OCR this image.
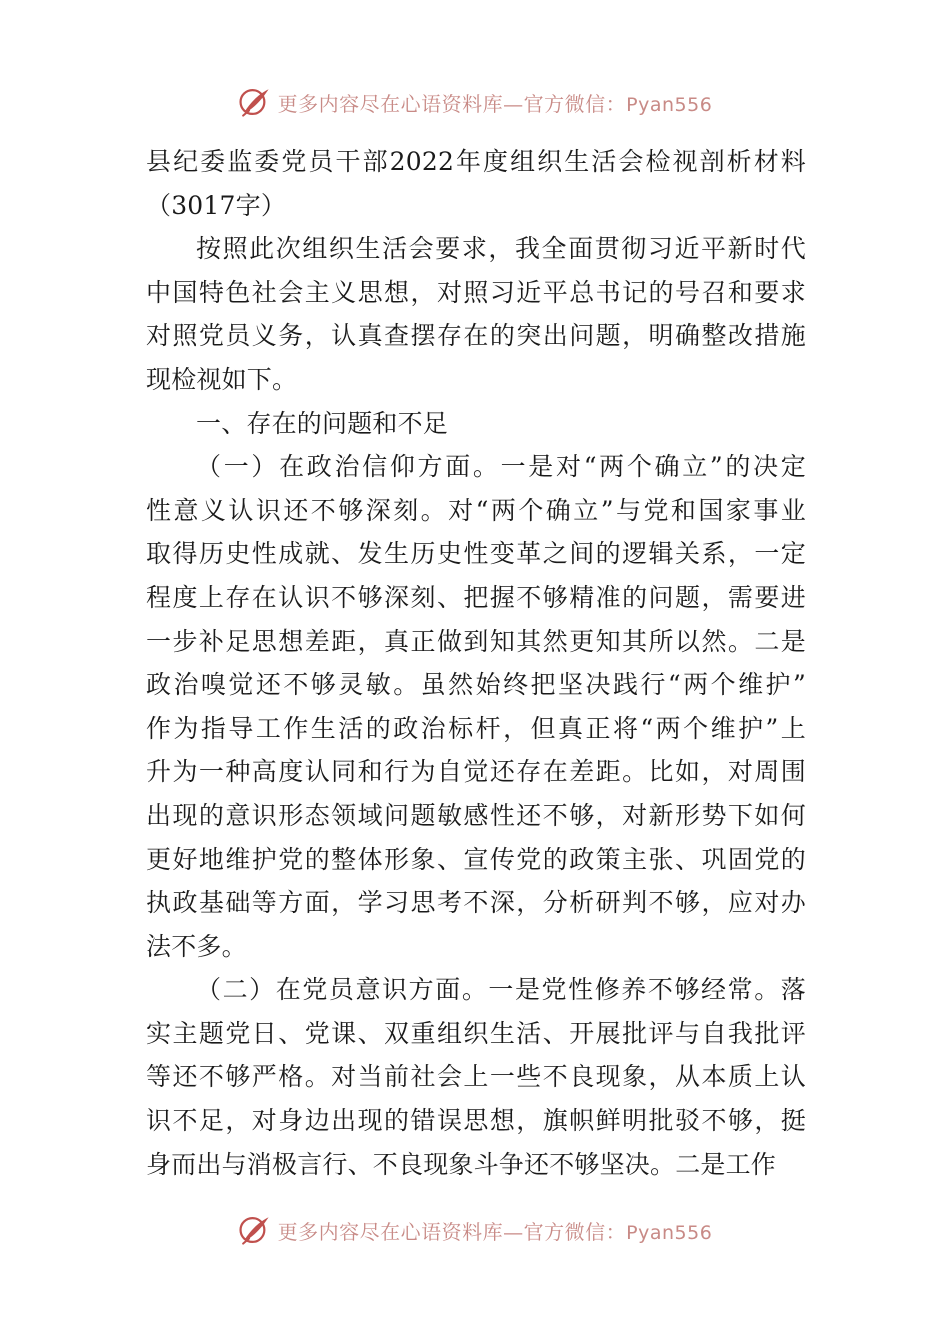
更多内容尽在心语资料库—官方微信：Pyan556
县纪委监委党员干部2022年度组织生活会检视剖析材料
（3017字）
按照此次组织生活会要求，我全面贯彻习近平新时代
中国特色社会主义思想，对照习近平总书记的号召和要求
对照党员义务，认真查摆存在的突出问题，明确整改措施
现检视如下。
一、存在的问题和不足
（一）在政治信仰方面。一是对“两个确立”的决定
性意义认识还不够深刻。对“两个确立”与党和国家事业
取得历史性成就、发生历史性变革之间的逻辑关系，一定
程度上存在认识不够深刻、把握不够精准的问题，需要进
一步补足思想差距，真正做到知其然更知其所以然。二是
政治嗅觉还不够灵敏。虽然始终把坚决践行“两个维护”
作为指导工作生活的政治标杆，但真正将“两个维护”上
升为一种高度认同和行为自觉还存在差距。比如，对周围
出现的意识形态领域问题敏感性还不够，对新形势下如何
更好地维护党的整体形象、宣传党的政策主张、巩固党的
执政基础等方面，学习思考不深，分析研判不够，应对办
法不多。
（二）在党员意识方面。一是党性修养不够经常。落
实主题党日、党课、双重组织生活、开展批评与自我批评
等还不够严格。对当前社会上一些不良现象，从本质上认
识不足，对身边出现的错误思想，旗帜鲜明批驳不够，挺
身而出与消极言行、不良现象斗争还不够坚决。二是工作
更多内容尽在心语资料库—官方微信：Pyan556
